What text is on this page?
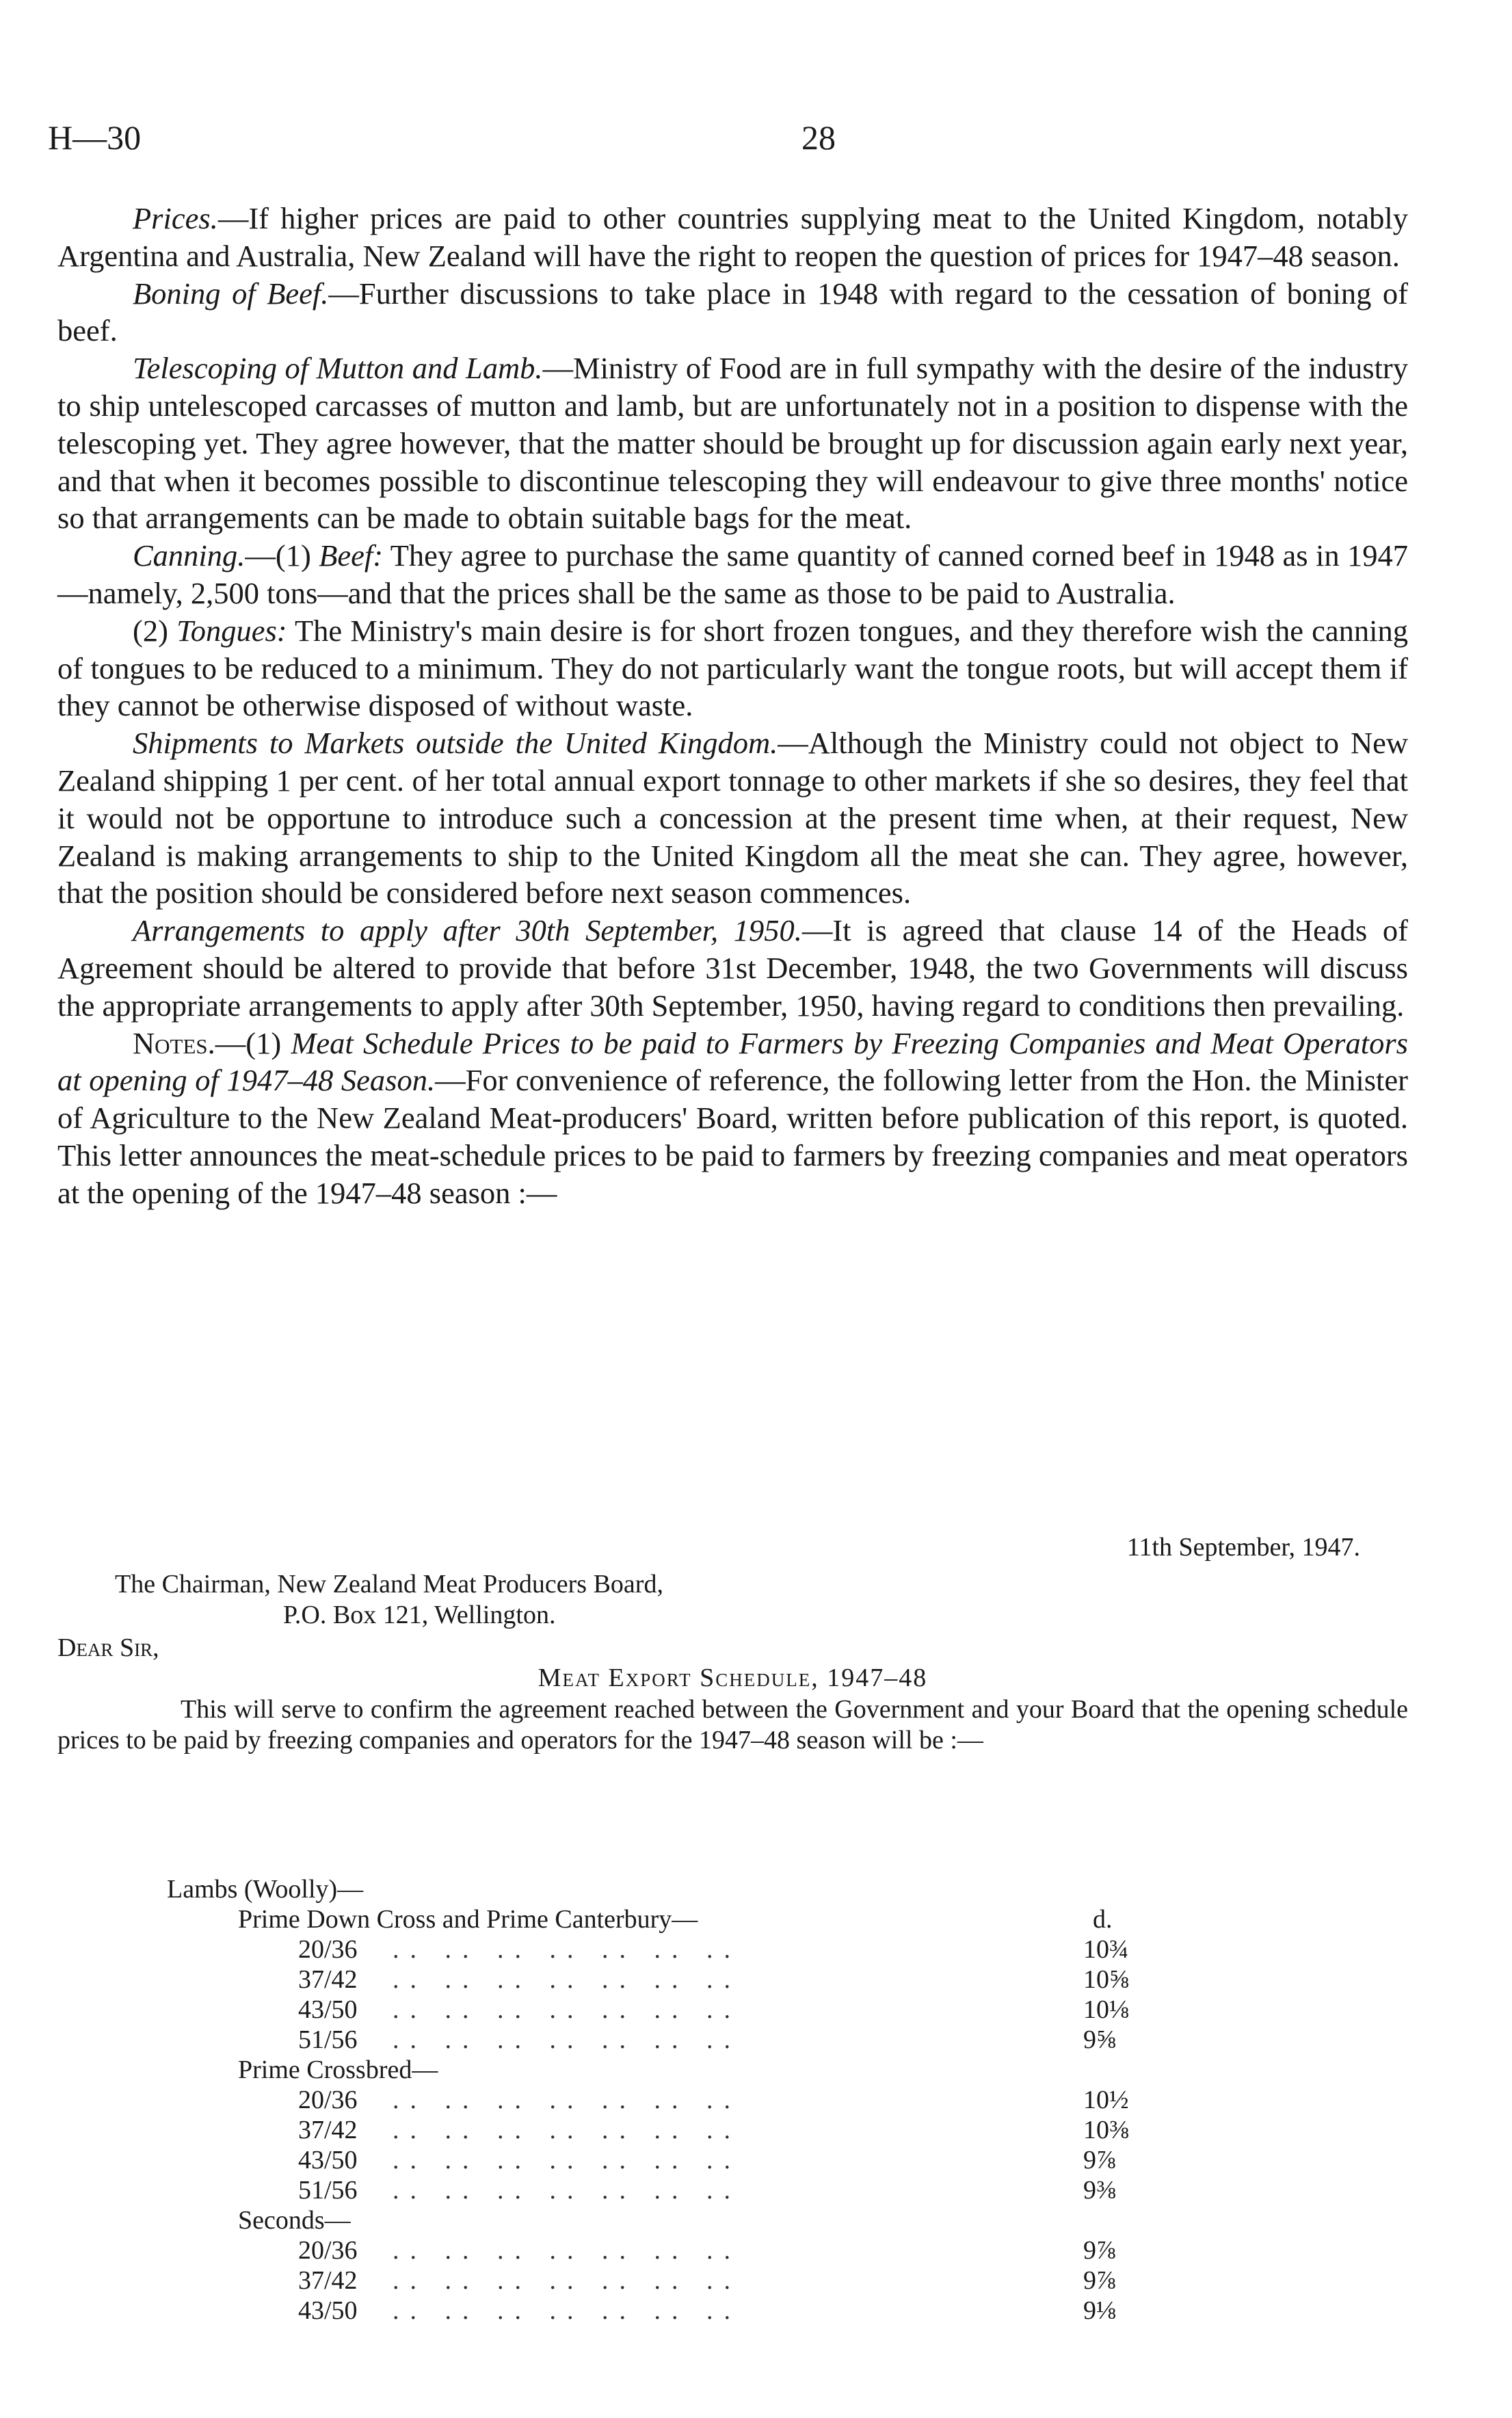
H—30	28

Prices.—If higher prices are paid to other countries supplying meat to the United Kingdom, notably Argentina and Australia, New Zealand will have the right to reopen the question of prices for 1947–48 season.

Boning of Beef.—Further discussions to take place in 1948 with regard to the cessation of boning of beef.

Telescoping of Mutton and Lamb.—Ministry of Food are in full sympathy with the desire of the industry to ship untelescoped carcasses of mutton and lamb, but are unfortunately not in a position to dispense with the telescoping yet. They agree however, that the matter should be brought up for discussion again early next year, and that when it becomes possible to discontinue telescoping they will endeavour to give three months' notice so that arrangements can be made to obtain suitable bags for the meat.

Canning.—(1) Beef: They agree to purchase the same quantity of canned corned beef in 1948 as in 1947—namely, 2,500 tons—and that the prices shall be the same as those to be paid to Australia.

(2) Tongues: The Ministry's main desire is for short frozen tongues, and they therefore wish the canning of tongues to be reduced to a minimum. They do not particularly want the tongue roots, but will accept them if they cannot be otherwise disposed of without waste.

Shipments to Markets outside the United Kingdom.—Although the Ministry could not object to New Zealand shipping 1 per cent. of her total annual export tonnage to other markets if she so desires, they feel that it would not be opportune to introduce such a concession at the present time when, at their request, New Zealand is making arrangements to ship to the United Kingdom all the meat she can. They agree, however, that the position should be considered before next season commences.

Arrangements to apply after 30th September, 1950.—It is agreed that clause 14 of the Heads of Agreement should be altered to provide that before 31st December, 1948, the two Governments will discuss the appropriate arrangements to apply after 30th September, 1950, having regard to conditions then prevailing.

Notes.—(1) Meat Schedule Prices to be paid to Farmers by Freezing Companies and Meat Operators at opening of 1947–48 Season.—For convenience of reference, the following letter from the Hon. the Minister of Agriculture to the New Zealand Meat-producers' Board, written before publication of this report, is quoted. This letter announces the meat-schedule prices to be paid to farmers by freezing companies and meat operators at the opening of the 1947–48 season :—

11th September, 1947.
The Chairman, New Zealand Meat Producers Board,
P.O. Box 121, Wellington.
Dear Sir,
Meat Export Schedule, 1947–48
This will serve to confirm the agreement reached between the Government and your Board that the opening schedule prices to be paid by freezing companies and operators for the 1947–48 season will be :—
Lambs (Woolly)—
Prime Down Cross and Prime Canterbury—	d.
20/36 .. .. .. .. .. .. ..	10¾
37/42 .. .. .. .. .. .. ..	10⅝
43/50 .. .. .. .. .. .. ..	10⅛
51/56 .. .. .. .. .. .. ..	9⅝
Prime Crossbred—
20/36 .. .. .. .. .. .. ..	10½
37/42 .. .. .. .. .. .. ..	10⅜
43/50 .. .. .. .. .. .. ..	9⅞
51/56 .. .. .. .. .. .. ..	9⅜
Seconds—
20/36 .. .. .. .. .. .. ..	9⅞
37/42 .. .. .. .. .. .. ..	9⅞
43/50 .. .. .. .. .. .. ..	9⅛
